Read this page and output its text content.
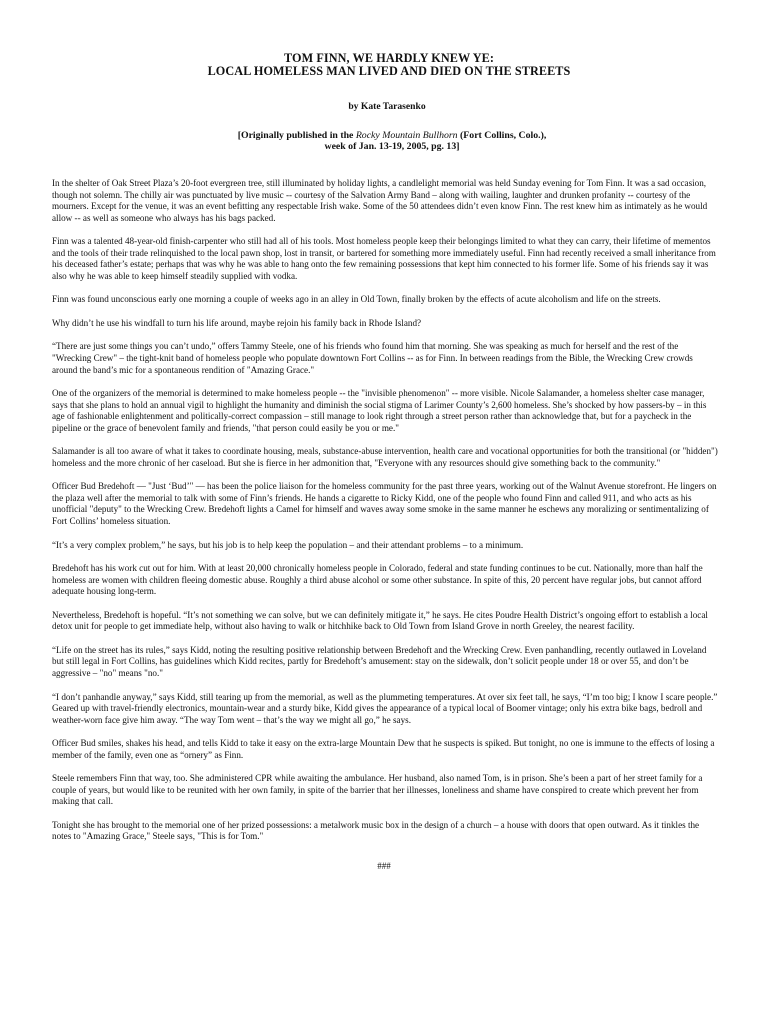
TOM FINN, WE HARDLY KNEW YE:
LOCAL HOMELESS MAN LIVED AND DIED ON THE STREETS
by Kate Tarasenko
[Originally published in the Rocky Mountain Bullhorn (Fort Collins, Colo.),
week of Jan. 13-19, 2005, pg. 13]

In the shelter of Oak Street Plaza’s 20-foot evergreen tree, still illuminated by holiday lights, a candlelight memorial was held Sunday evening for Tom Finn. It was a sad occasion, though not solemn. The chilly air was punctuated by live music -- courtesy of the Salvation Army Band – along with wailing, laughter and drunken profanity -- courtesy of the mourners. Except for the venue, it was an event befitting any respectable Irish wake. Some of the 50 attendees didn’t even know Finn. The rest knew him as intimately as he would allow -- as well as someone who always has his bags packed.

Finn was a talented 48-year-old finish-carpenter who still had all of his tools. Most homeless people keep their belongings limited to what they can carry, their lifetime of mementos and the tools of their trade relinquished to the local pawn shop, lost in transit, or bartered for something more immediately useful. Finn had recently received a small inheritance from his deceased father’s estate; perhaps that was why he was able to hang onto the few remaining possessions that kept him connected to his former life. Some of his friends say it was also why he was able to keep himself steadily supplied with vodka.

Finn was found unconscious early one morning a couple of weeks ago in an alley in Old Town, finally broken by the effects of acute alcoholism and life on the streets.

Why didn’t he use his windfall to turn his life around, maybe rejoin his family back in Rhode Island?

“There are just some things you can’t undo,” offers Tammy Steele, one of his friends who found him that morning. She was speaking as much for herself and the rest of the "Wrecking Crew" – the tight-knit band of homeless people who populate downtown Fort Collins -- as for Finn. In between readings from the Bible, the Wrecking Crew crowds around the band’s mic for a spontaneous rendition of "Amazing Grace."

One of the organizers of the memorial is determined to make homeless people -- the "invisible phenomenon" -- more visible. Nicole Salamander, a homeless shelter case manager, says that she plans to hold an annual vigil to highlight the humanity and diminish the social stigma of Larimer County’s 2,600 homeless. She’s shocked by how passers-by – in this age of fashionable enlightenment and politically-correct compassion – still manage to look right through a street person rather than acknowledge that, but for a paycheck in the pipeline or the grace of benevolent family and friends, "that person could easily be you or me."

Salamander is all too aware of what it takes to coordinate housing, meals, substance-abuse intervention, health care and vocational opportunities for both the transitional (or "hidden") homeless and the more chronic of her caseload. But she is fierce in her admonition that, "Everyone with any resources should give something back to the community."

Officer Bud Bredehoft — "Just ‘Bud’" — has been the police liaison for the homeless community for the past three years, working out of the Walnut Avenue storefront. He lingers on the plaza well after the memorial to talk with some of Finn’s friends. He hands a cigarette to Ricky Kidd, one of the people who found Finn and called 911, and who acts as his unofficial "deputy" to the Wrecking Crew. Bredehoft lights a Camel for himself and waves away some smoke in the same manner he eschews any moralizing or sentimentalizing of Fort Collins’ homeless situation.

“It’s a very complex problem,” he says, but his job is to help keep the population – and their attendant problems – to a minimum.

Bredehoft has his work cut out for him. With at least 20,000 chronically homeless people in Colorado, federal and state funding continues to be cut. Nationally, more than half the homeless are women with children fleeing domestic abuse. Roughly a third abuse alcohol or some other substance. In spite of this, 20 percent have regular jobs, but cannot afford adequate housing long-term.

Nevertheless, Bredehoft is hopeful. “It’s not something we can solve, but we can definitely mitigate it,” he says. He cites Poudre Health District’s ongoing effort to establish a local detox unit for people to get immediate help, without also having to walk or hitchhike back to Old Town from Island Grove in north Greeley, the nearest facility.

“Life on the street has its rules,” says Kidd, noting the resulting positive relationship between Bredehoft and the Wrecking Crew. Even panhandling, recently outlawed in Loveland but still legal in Fort Collins, has guidelines which Kidd recites, partly for Bredehoft’s amusement: stay on the sidewalk, don’t solicit people under 18 or over 55, and don’t be aggressive – "no" means "no."

“I don’t panhandle anyway,” says Kidd, still tearing up from the memorial, as well as the plummeting temperatures. At over six feet tall, he says, “I’m too big; I know I scare people.” Geared up with travel-friendly electronics, mountain-wear and a sturdy bike, Kidd gives the appearance of a typical local of Boomer vintage; only his extra bike bags, bedroll and weather-worn face give him away. “The way Tom went – that’s the way we might all go,” he says.

Officer Bud smiles, shakes his head, and tells Kidd to take it easy on the extra-large Mountain Dew that he suspects is spiked. But tonight, no one is immune to the effects of losing a member of the family, even one as “ornery” as Finn.

Steele remembers Finn that way, too. She administered CPR while awaiting the ambulance. Her husband, also named Tom, is in prison. She’s been a part of her street family for a couple of years, but would like to be reunited with her own family, in spite of the barrier that her illnesses, loneliness and shame have conspired to create which prevent her from making that call.

Tonight she has brought to the memorial one of her prized possessions: a metalwork music box in the design of a church – a house with doors that open outward. As it tinkles the notes to "Amazing Grace," Steele says, "This is for Tom."

###
